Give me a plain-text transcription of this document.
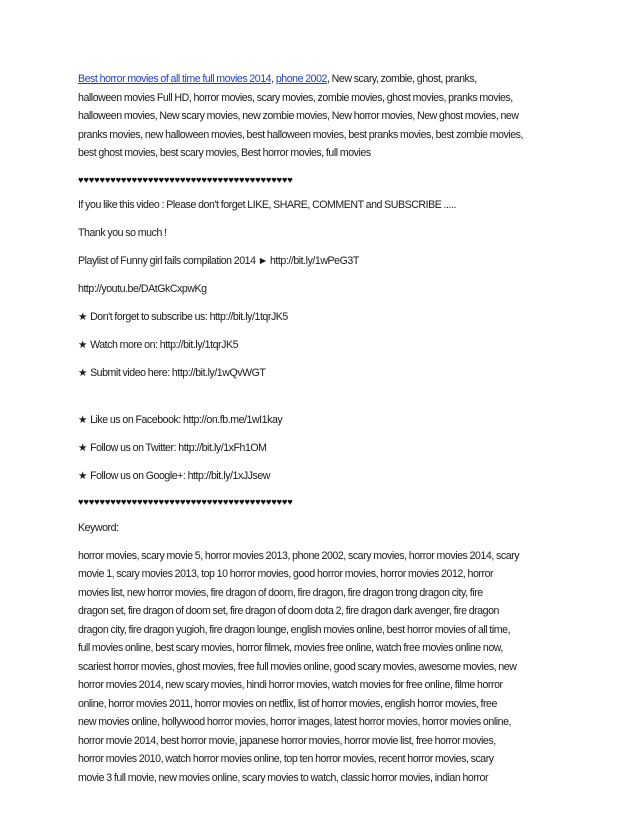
Best horror movies of all time full movies 2014, phone 2002, New scary, zombie, ghost, pranks,
halloween movies Full HD, horror movies, scary movies, zombie movies, ghost movies, pranks movies,
halloween movies, New scary movies, new zombie movies, New horror movies, New ghost movies, new
pranks movies, new halloween movies, best halloween movies, best pranks movies, best zombie movies,
best ghost movies, best scary movies, Best horror movies, full movies
♥♥♥♥♥♥♥♥♥♥♥♥♥♥♥♥♥♥♥♥♥♥♥♥♥♥♥♥♥♥♥♥♥♥♥♥♥♥♥♥
If you like this video : Please don't forget LIKE, SHARE, COMMENT and SUBSCRIBE .....
Thank you so much !
Playlist of Funny girl fails compilation 2014 ► http://bit.ly/1wPeG3T
http://youtu.be/DAtGkCxpwKg
★ Don't forget to subscribe us: http://bit.ly/1tqrJK5
★ Watch more on: http://bit.ly/1tqrJK5
★ Submit video here: http://bit.ly/1wQvWGT
★ Like us on Facebook: http://on.fb.me/1wI1kay
★ Follow us on Twitter: http://bit.ly/1xFh1OM
★ Follow us on Google+: http://bit.ly/1xJJsew
♥♥♥♥♥♥♥♥♥♥♥♥♥♥♥♥♥♥♥♥♥♥♥♥♥♥♥♥♥♥♥♥♥♥♥♥♥♥♥♥
Keyword:
horror movies, scary movie 5, horror movies 2013, phone 2002, scary movies, horror movies 2014, scary
movie 1, scary movies 2013, top 10 horror movies, good horror movies, horror movies 2012, horror
movies list, new horror movies, fire dragon of doom, fire dragon, fire dragon trong dragon city, fire
dragon set, fire dragon of doom set, fire dragon of doom dota 2, fire dragon dark avenger, fire dragon
dragon city, fire dragon yugioh, fire dragon lounge, english movies online, best horror movies of all time,
full movies online, best scary movies, horror filmek, movies free online, watch free movies online now,
scariest horror movies, ghost movies, free full movies online, good scary movies, awesome movies, new
horror movies 2014, new scary movies, hindi horror movies, watch movies for free online, filme horror
online, horror movies 2011, horror movies on netflix, list of horror movies, english horror movies, free
new movies online, hollywood horror movies, horror images, latest horror movies, horror movies online,
horror movie 2014, best horror movie, japanese horror movies, horror movie list, free horror movies,
horror movies 2010, watch horror movies online, top ten horror movies, recent horror movies, scary
movie 3 full movie, new movies online, scary movies to watch, classic horror movies, indian horror
